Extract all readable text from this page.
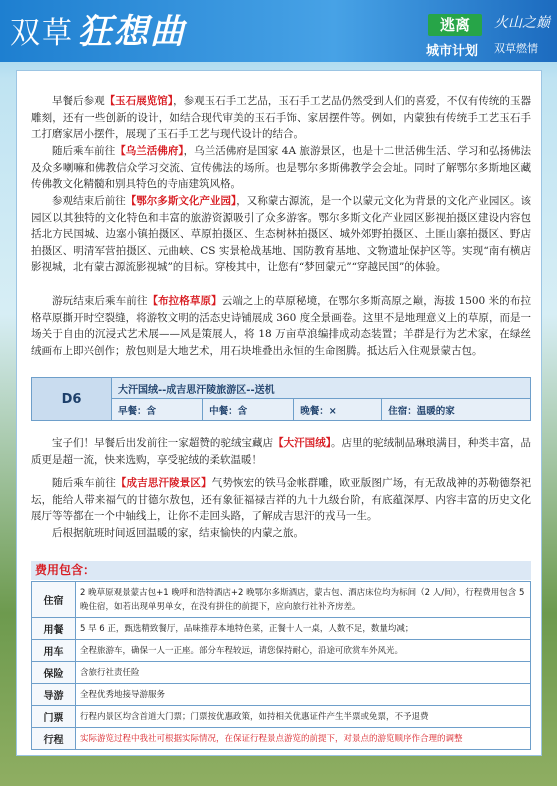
双草 狂想曲	逃离
城市计划
火山之巅
双草燃情

早餐后参观【玉石展览馆】，参观玉石手工艺品，玉石手工艺品仍然受到人们的喜爱，不仅有传统的玉器雕刻，还有一些创新的设计，如结合现代审美的玉石手饰、家居摆件等。例如，内蒙独有传统手工艺玉石手工打磨家居小摆件，展现了玉石手工艺与现代设计的结合。

随后乘车前往【乌兰活佛府】，乌兰活佛府是国家 4A 旅游景区，也是十二世活佛生活、学习和弘扬佛法及众多喇嘛和佛教信众学习交流、宣传佛法的场所。也是鄂尔多斯佛教学会会址。同时了解鄂尔多斯地区藏传佛教文化精髓和别具特色的寺庙建筑风格。

参观结束后前往【鄂尔多斯文化产业园】，又称蒙古源流，是一个以蒙元文化为背景的文化产业园区。该园区以其独特的文化特色和丰富的旅游资源吸引了众多游客。鄂尔多斯文化产业园区影视拍摄区建设内容包括北方民国城、边塞小镇拍摄区、草原拍摄区、生态树林拍摄区、城外郊野拍摄区、土匪山寨拍摄区、野店拍摄区、明清军营拍摄区、元曲峡、CS 实景枪战基地、国防教育基地、文物遗址保护区等。实现“南有横店影视城，北有蒙古源流影视城”的目标。穿梭其中，让您有“梦回蒙元”“穿越民国”的体验。

游玩结束后乘车前往【布拉格草原】云端之上的草原秘境，在鄂尔多斯高原之巅，海拔 1500 米的布拉格草原撕开时空裂缝，将游牧文明的活态史诗铺展成 360 度全景画卷。这里不是地理意义上的草原，而是一场关于自由的沉浸式艺术展——风是策展人，将 18 万亩草浪编排成动态装置；羊群是行为艺术家，在绿丝绒画布上即兴创作；敖包则是大地艺术，用石块堆叠出永恒的生命图腾。抵达后入住观景蒙古包。

D6	大汗国绒--成吉思汗陵旅游区--送机			
	早餐：含	中餐：含	晚餐：×	住宿：温暖的家

宝子们！早餐后出发前往一家超赞的驼绒宝藏店【大汗国绒】。店里的驼绒制品琳琅满目，种类丰富，品质更是超一流，快来选购，享受驼绒的柔软温暖！

随后乘车前往【成吉思汗陵景区】气势恢宏的铁马金帐群雕，欧亚版图广场，有无敌战神的苏勒德祭祀坛，能给人带来福气的甘德尔敖包，还有象征福禄吉祥的九十九级台阶，有底蕴深厚、内容丰富的历史文化展厅等等都在一个中轴线上，让你不走回头路，了解成吉思汗的戎马一生。

后根据航班时间返回温暖的家，结束愉快的内蒙之旅。

费用包含：
住宿	2 晚草原观景蒙古包+1 晚呼和浩特酒店+2 晚鄂尔多斯酒店，蒙古包、酒店床位均为标间（2 人/间），行程费用包含 5 晚住宿，如若出现单男单女，在没有拼住的前提下，应向旅行社补齐房差。
用餐	5 早 6 正，甄选精致餐厅，品味推荐本地特色菜，正餐十人一桌，人数不足，数量均减；
用车	全程旅游车，确保一人一正座。部分车程较远，请您保持耐心，沿途可欣赏车外风光。
保险	含旅行社责任险
导游	全程优秀地接导游服务
门票	行程内景区均含首道大门票；门票按优惠政策，如持相关优惠证件产生半票或免票，不予退费
行程	实际游览过程中我社可根据实际情况，在保证行程景点游览的前提下，对景点的游览顺序作合理的调整
